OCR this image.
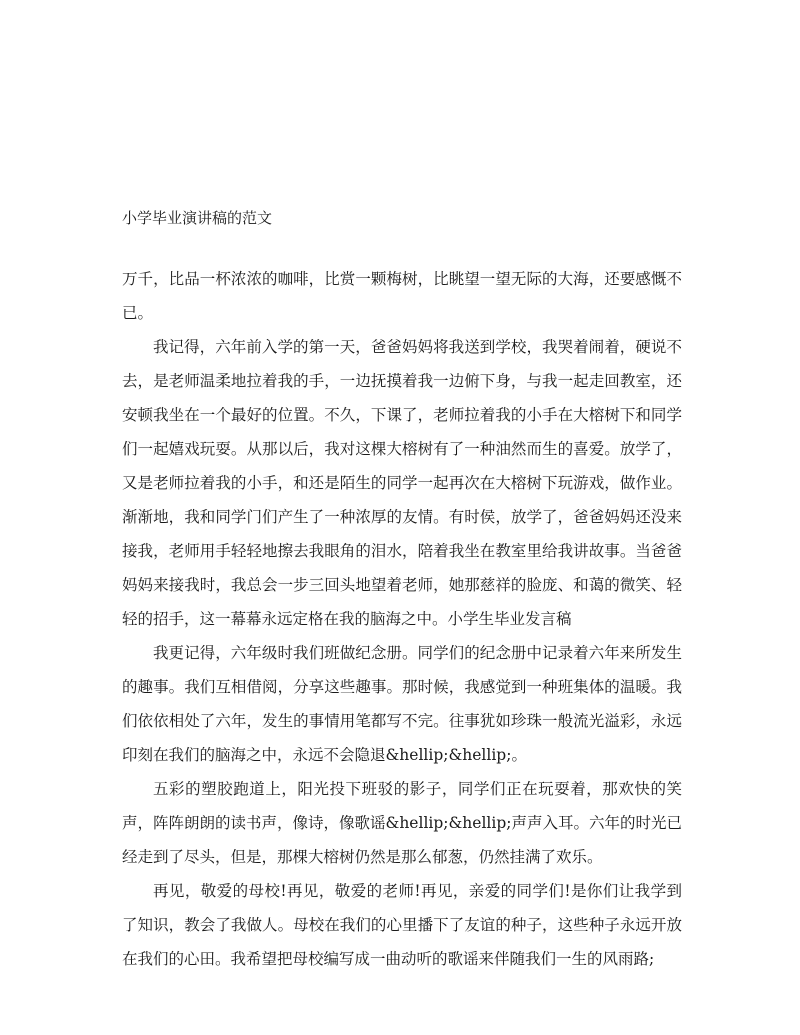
小学毕业演讲稿的范文

万千，比品一杯浓浓的咖啡，比赏一颗梅树，比眺望一望无际的大海，还要感慨不已。

我记得，六年前入学的第一天，爸爸妈妈将我送到学校，我哭着闹着，硬说不去，是老师温柔地拉着我的手，一边抚摸着我一边俯下身，与我一起走回教室，还安顿我坐在一个最好的位置。不久，下课了，老师拉着我的小手在大榕树下和同学们一起嬉戏玩耍。从那以后，我对这棵大榕树有了一种油然而生的喜爱。放学了，又是老师拉着我的小手，和还是陌生的同学一起再次在大榕树下玩游戏，做作业。渐渐地，我和同学门们产生了一种浓厚的友情。有时侯，放学了，爸爸妈妈还没来接我，老师用手轻轻地擦去我眼角的泪水，陪着我坐在教室里给我讲故事。当爸爸妈妈来接我时，我总会一步三回头地望着老师，她那慈祥的脸庞、和蔼的微笑、轻轻的招手，这一幕幕永远定格在我的脑海之中。小学生毕业发言稿

我更记得，六年级时我们班做纪念册。同学们的纪念册中记录着六年来所发生的趣事。我们互相借阅，分享这些趣事。那时候，我感觉到一种班集体的温暖。我们依依相处了六年，发生的事情用笔都写不完。往事犹如珍珠一般流光溢彩，永远印刻在我们的脑海之中，永远不会隐退&hellip;&hellip;。

五彩的塑胶跑道上，阳光投下班驳的影子，同学们正在玩耍着，那欢快的笑声，阵阵朗朗的读书声，像诗，像歌谣&hellip;&hellip;声声入耳。六年的时光已经走到了尽头，但是，那棵大榕树仍然是那么郁葱，仍然挂满了欢乐。

再见，敬爱的母校!再见，敬爱的老师!再见，亲爱的同学们!是你们让我学到了知识，教会了我做人。母校在我们的心里播下了友谊的种子，这些种子永远开放在我们的心田。我希望把母校编写成一曲动听的歌谣来伴随我们一生的风雨路;
